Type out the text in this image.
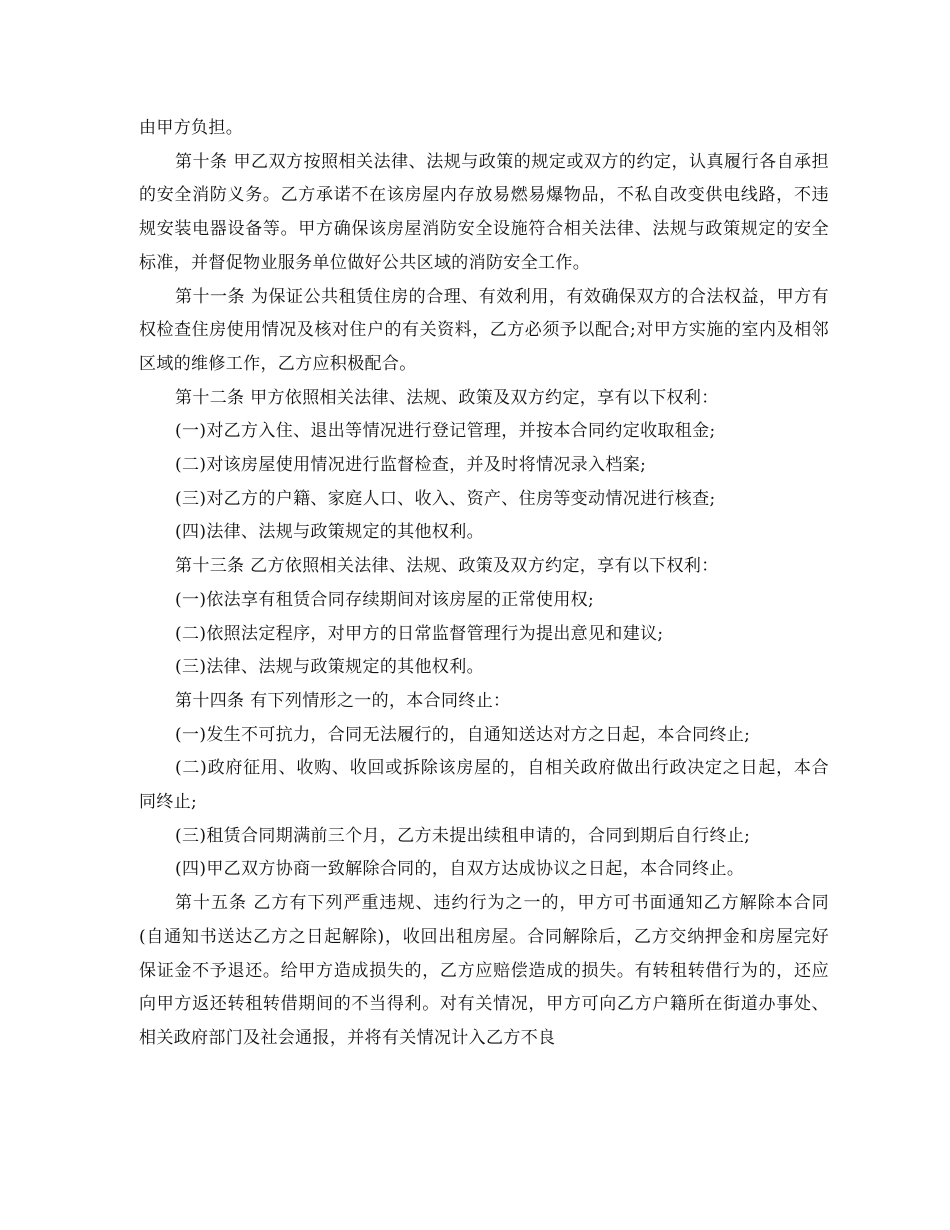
由甲方负担。

第十条 甲乙双方按照相关法律、法规与政策的规定或双方的约定，认真履行各自承担的安全消防义务。乙方承诺不在该房屋内存放易燃易爆物品，不私自改变供电线路，不违规安装电器设备等。甲方确保该房屋消防安全设施符合相关法律、法规与政策规定的安全标准，并督促物业服务单位做好公共区域的消防安全工作。

第十一条 为保证公共租赁住房的合理、有效利用，有效确保双方的合法权益，甲方有权检查住房使用情况及核对住户的有关资料，乙方必须予以配合;对甲方实施的室内及相邻区域的维修工作，乙方应积极配合。

第十二条 甲方依照相关法律、法规、政策及双方约定，享有以下权利：

(一)对乙方入住、退出等情况进行登记管理，并按本合同约定收取租金;

(二)对该房屋使用情况进行监督检查，并及时将情况录入档案;

(三)对乙方的户籍、家庭人口、收入、资产、住房等变动情况进行核查;

(四)法律、法规与政策规定的其他权利。

第十三条 乙方依照相关法律、法规、政策及双方约定，享有以下权利：

(一)依法享有租赁合同存续期间对该房屋的正常使用权;

(二)依照法定程序，对甲方的日常监督管理行为提出意见和建议;

(三)法律、法规与政策规定的其他权利。

第十四条 有下列情形之一的，本合同终止：

(一)发生不可抗力，合同无法履行的，自通知送达对方之日起，本合同终止;

(二)政府征用、收购、收回或拆除该房屋的，自相关政府做出行政决定之日起，本合同终止;

(三)租赁合同期满前三个月，乙方未提出续租申请的，合同到期后自行终止;

(四)甲乙双方协商一致解除合同的，自双方达成协议之日起，本合同终止。

第十五条 乙方有下列严重违规、违约行为之一的，甲方可书面通知乙方解除本合同(自通知书送达乙方之日起解除)，收回出租房屋。合同解除后，乙方交纳押金和房屋完好保证金不予退还。给甲方造成损失的，乙方应赔偿造成的损失。有转租转借行为的，还应向甲方返还转租转借期间的不当得利。对有关情况，甲方可向乙方户籍所在街道办事处、相关政府部门及社会通报，并将有关情况计入乙方不良
